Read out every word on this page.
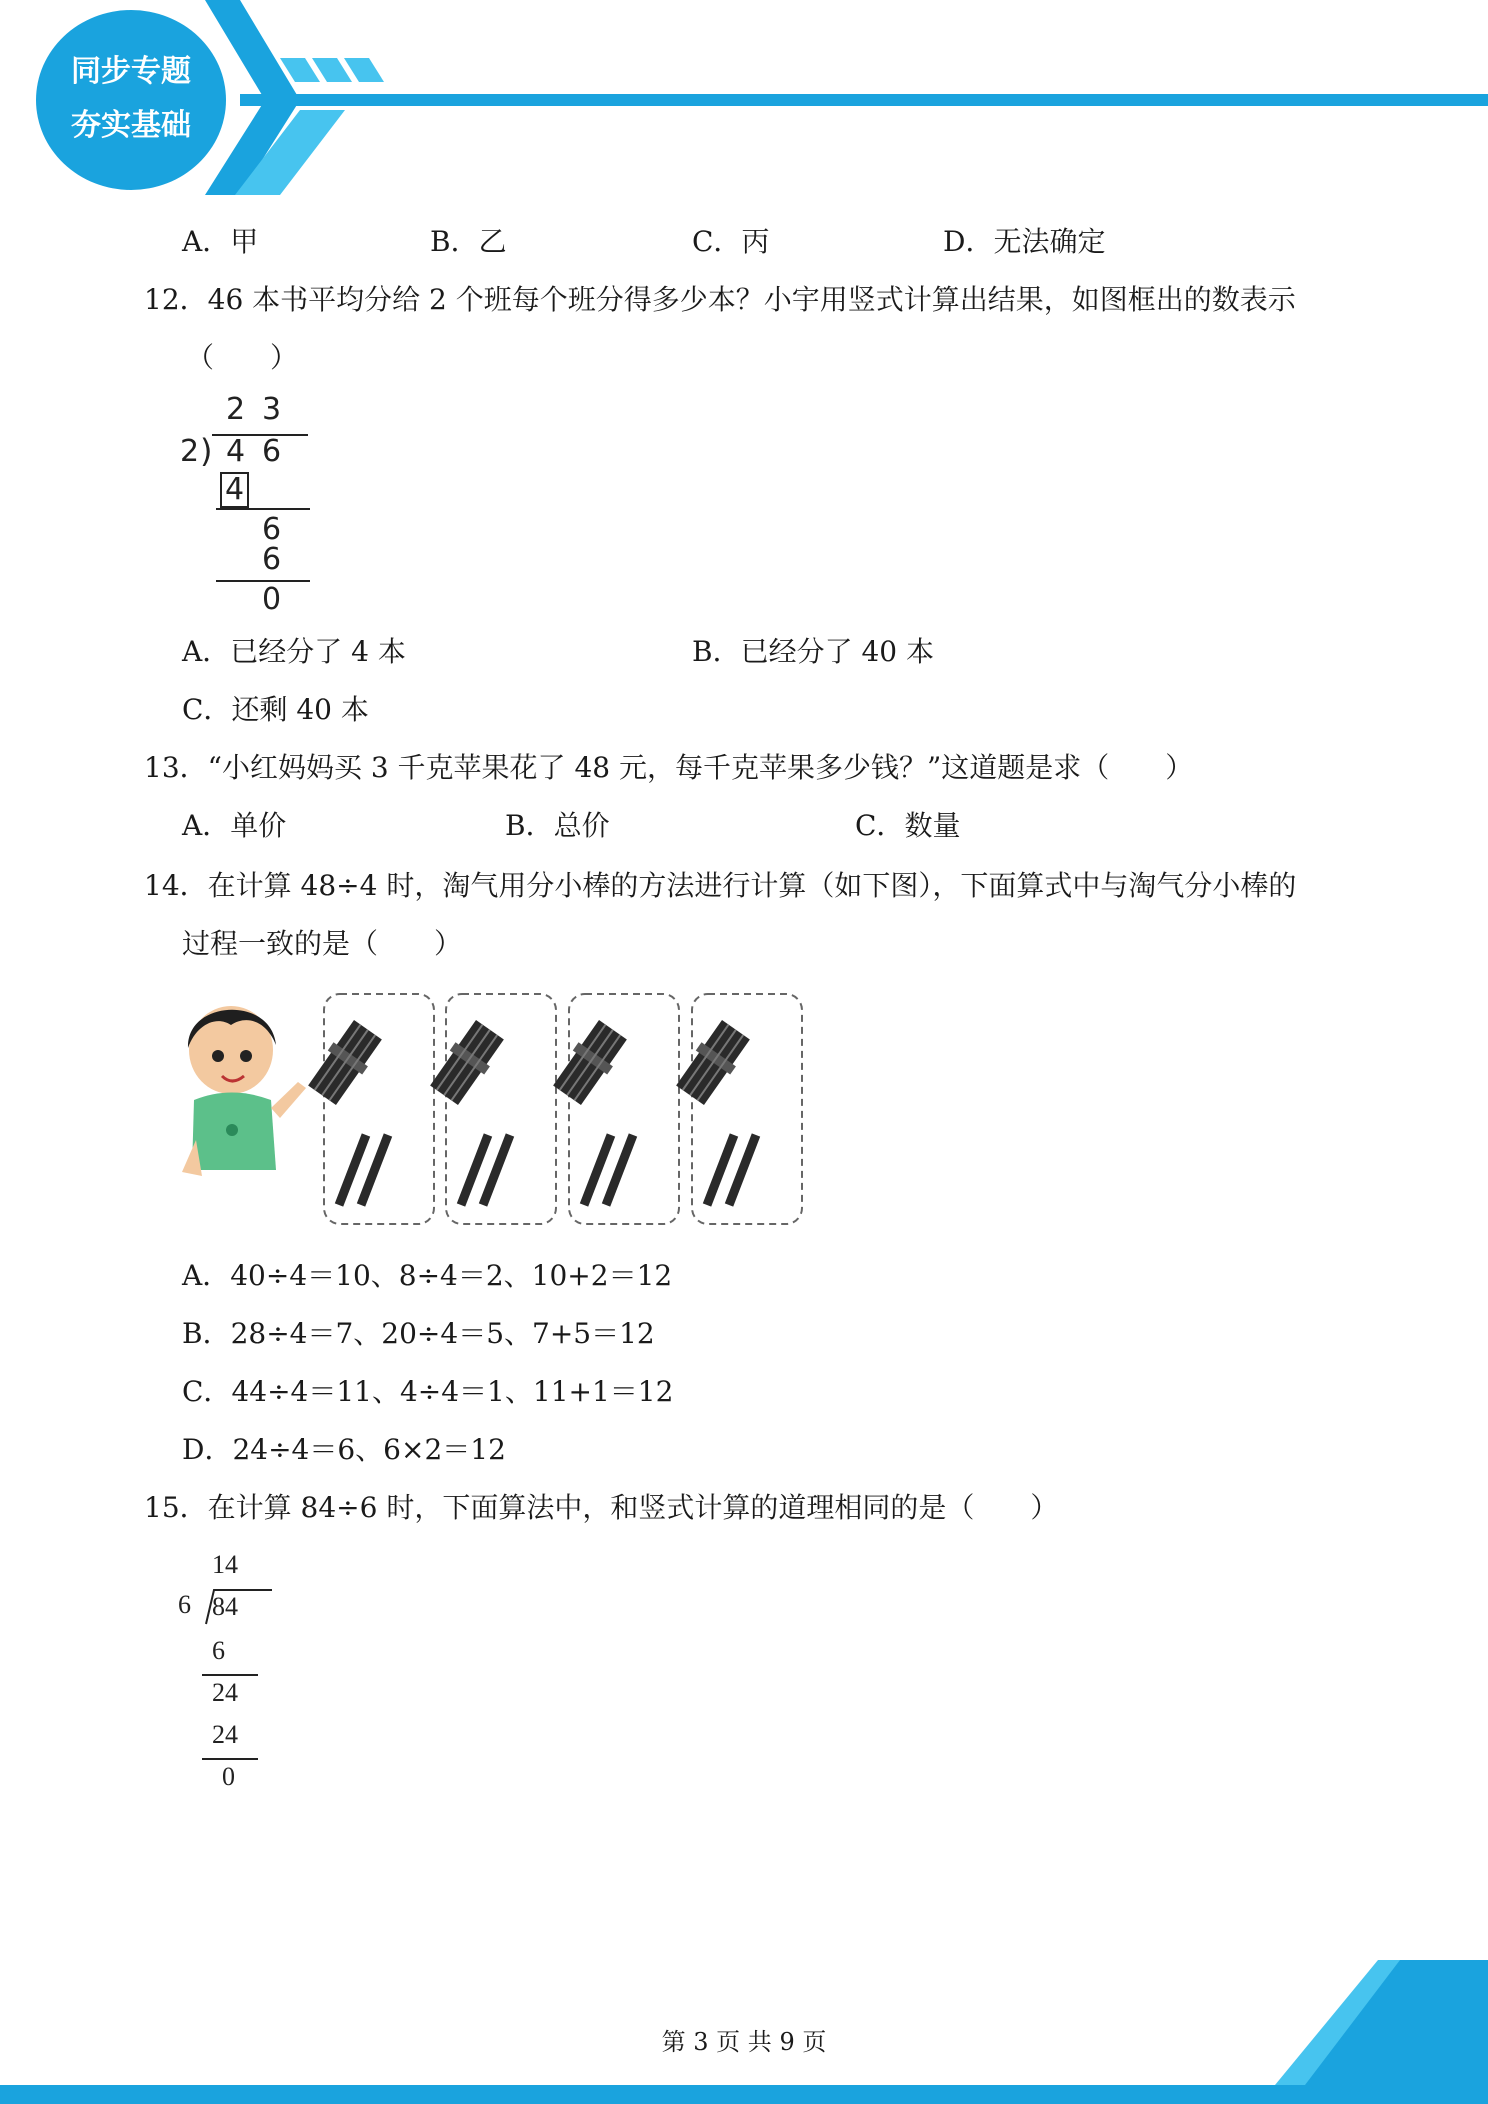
同步专题
夯实基础
A．甲	B．乙	C．丙	D．无法确定
12．46 本书平均分给 2 个班每个班分得多少本？小宇用竖式计算出结果，如图框出的数表示
（　　）
2 3
2 ) 4 6
4
6
6
0
A．已经分了 4 本	B．已经分了 40 本
C．还剩 40 本
13．“小红妈妈买 3 千克苹果花了 48 元，每千克苹果多少钱？”这道题是求（　　）
A．单价	B．总价	C．数量
14．在计算 48÷4 时，淘气用分小棒的方法进行计算（如下图），下面算式中与淘气分小棒的
过程一致的是（　　）
A．40÷4＝10、8÷4＝2、10+2＝12
B．28÷4＝7、20÷4＝5、7+5＝12
C．44÷4＝11、4÷4＝1、11+1＝12
D．24÷4＝6、6×2＝12
15．在计算 84÷6 时，下面算法中，和竖式计算的道理相同的是（　　）
14
6 84
6
24
24
0
第 3 页 共 9 页
